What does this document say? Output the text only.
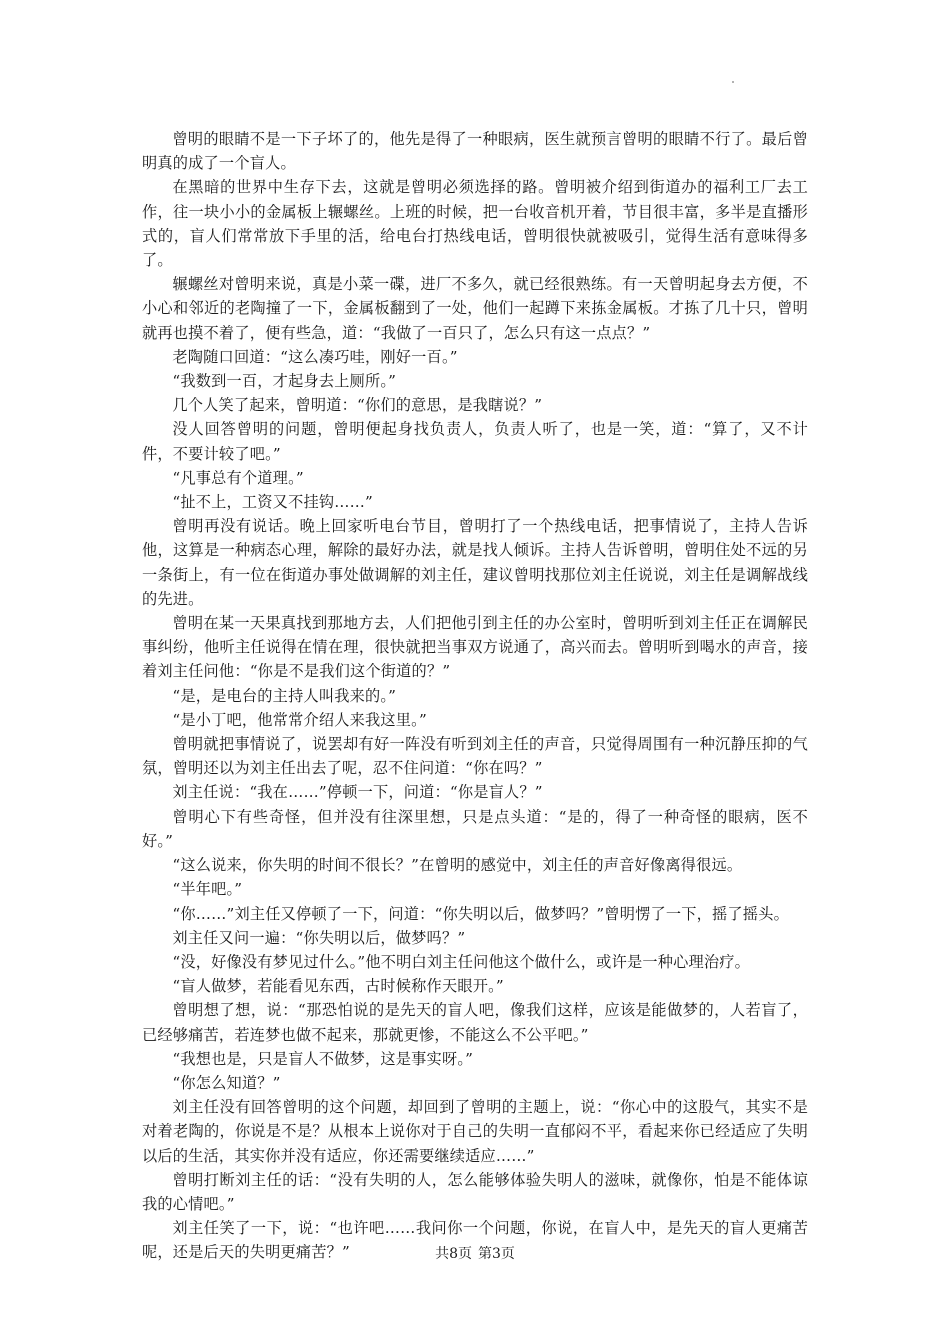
曾明的眼睛不是一下子坏了的，他先是得了一种眼病，医生就预言曾明的眼睛不行了。最后曾明真的成了一个盲人。

在黑暗的世界中生存下去，这就是曾明必须选择的路。曾明被介绍到街道办的福利工厂去工作，往一块小小的金属板上辗螺丝。上班的时候，把一台收音机开着，节目很丰富，多半是直播形式的，盲人们常常放下手里的活，给电台打热线电话，曾明很快就被吸引，觉得生活有意味得多了。

辗螺丝对曾明来说，真是小菜一碟，进厂不多久，就已经很熟练。有一天曾明起身去方便，不小心和邻近的老陶撞了一下，金属板翻到了一处，他们一起蹲下来拣金属板。才拣了几十只，曾明就再也摸不着了，便有些急，道：“我做了一百只了，怎么只有这一点点？”

老陶随口回道：“这么凑巧哇，刚好一百。”

“我数到一百，才起身去上厕所。”

几个人笑了起来，曾明道：“你们的意思，是我瞎说？”

没人回答曾明的问题，曾明便起身找负责人，负责人听了，也是一笑，道：“算了，又不计件，不要计较了吧。”

“凡事总有个道理。”

“扯不上，工资又不挂钩……”

曾明再没有说话。晚上回家听电台节目，曾明打了一个热线电话，把事情说了，主持人告诉他，这算是一种病态心理，解除的最好办法，就是找人倾诉。主持人告诉曾明，曾明住处不远的另一条街上，有一位在街道办事处做调解的刘主任，建议曾明找那位刘主任说说，刘主任是调解战线的先进。

曾明在某一天果真找到那地方去，人们把他引到主任的办公室时，曾明听到刘主任正在调解民事纠纷，他听主任说得在情在理，很快就把当事双方说通了，高兴而去。曾明听到喝水的声音，接着刘主任问他：“你是不是我们这个街道的？”

“是，是电台的主持人叫我来的。”

“是小丁吧，他常常介绍人来我这里。”

曾明就把事情说了，说罢却有好一阵没有听到刘主任的声音，只觉得周围有一种沉静压抑的气氛，曾明还以为刘主任出去了呢，忍不住问道：“你在吗？”

刘主任说：“我在……”停顿一下，问道：“你是盲人？”

曾明心下有些奇怪，但并没有往深里想，只是点头道：“是的，得了一种奇怪的眼病，医不好。”

“这么说来，你失明的时间不很长？”在曾明的感觉中，刘主任的声音好像离得很远。

“半年吧。”

“你……”刘主任又停顿了一下，问道：“你失明以后，做梦吗？”曾明愣了一下，摇了摇头。

刘主任又问一遍：“你失明以后，做梦吗？”

“没，好像没有梦见过什么。”他不明白刘主任问他这个做什么，或许是一种心理治疗。

“盲人做梦，若能看见东西，古时候称作天眼开。”

曾明想了想，说：“那恐怕说的是先天的盲人吧，像我们这样，应该是能做梦的，人若盲了，已经够痛苦，若连梦也做不起来，那就更惨，不能这么不公平吧。”

“我想也是，只是盲人不做梦，这是事实呀。”

“你怎么知道？”

刘主任没有回答曾明的这个问题，却回到了曾明的主题上，说：“你心中的这股气，其实不是对着老陶的，你说是不是？从根本上说你对于自己的失明一直郁闷不平，看起来你已经适应了失明以后的生活，其实你并没有适应，你还需要继续适应……”

曾明打断刘主任的话：“没有失明的人，怎么能够体验失明人的滋味，就像你，怕是不能体谅我的心情吧。”

刘主任笑了一下，说：“也许吧……我问你一个问题，你说，在盲人中，是先天的盲人更痛苦呢，还是后天的失明更痛苦？”	共8页 第3页
